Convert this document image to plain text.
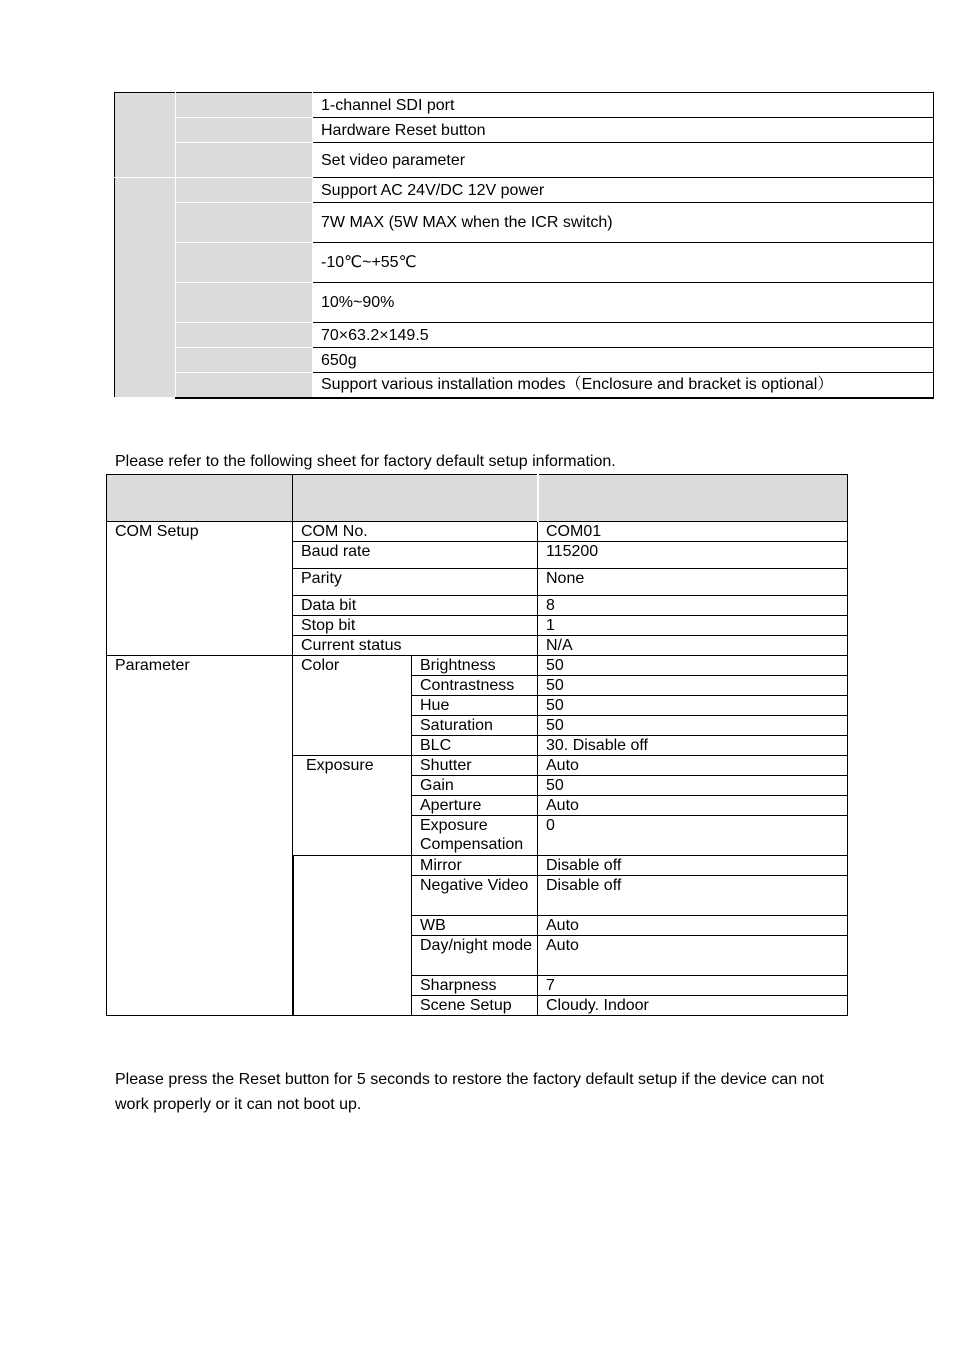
		1-channel SDI port
		Hardware Reset button
		Set video parameter
		Support AC 24V/DC 12V power
		7W MAX (5W MAX when the ICR switch)
		-10℃~+55℃
		10%~90%
		70×63.2×149.5
		650g
		Support various installation modes（Enclosure and bracket is optional）

Please refer to the following sheet for factory default setup information.

COM Setup	COM No.		COM01
	Baud rate		115200
	Parity		None
	Data bit		8
	Stop bit		1
	Current status		N/A
Parameter	Color	Brightness	50
		Contrastness	50
		Hue	50
		Saturation	50
		BLC	30. Disable off
	Exposure	Shutter	Auto
		Gain	50
		Aperture	Auto
		Exposure Compensation	0
		Mirror	Disable off
		Negative Video	Disable off
		WB	Auto
		Day/night mode	Auto
		Sharpness	7
		Scene Setup	Cloudy. Indoor

Please press the Reset button for 5 seconds to restore the factory default setup if the device can not work properly or it can not boot up.
